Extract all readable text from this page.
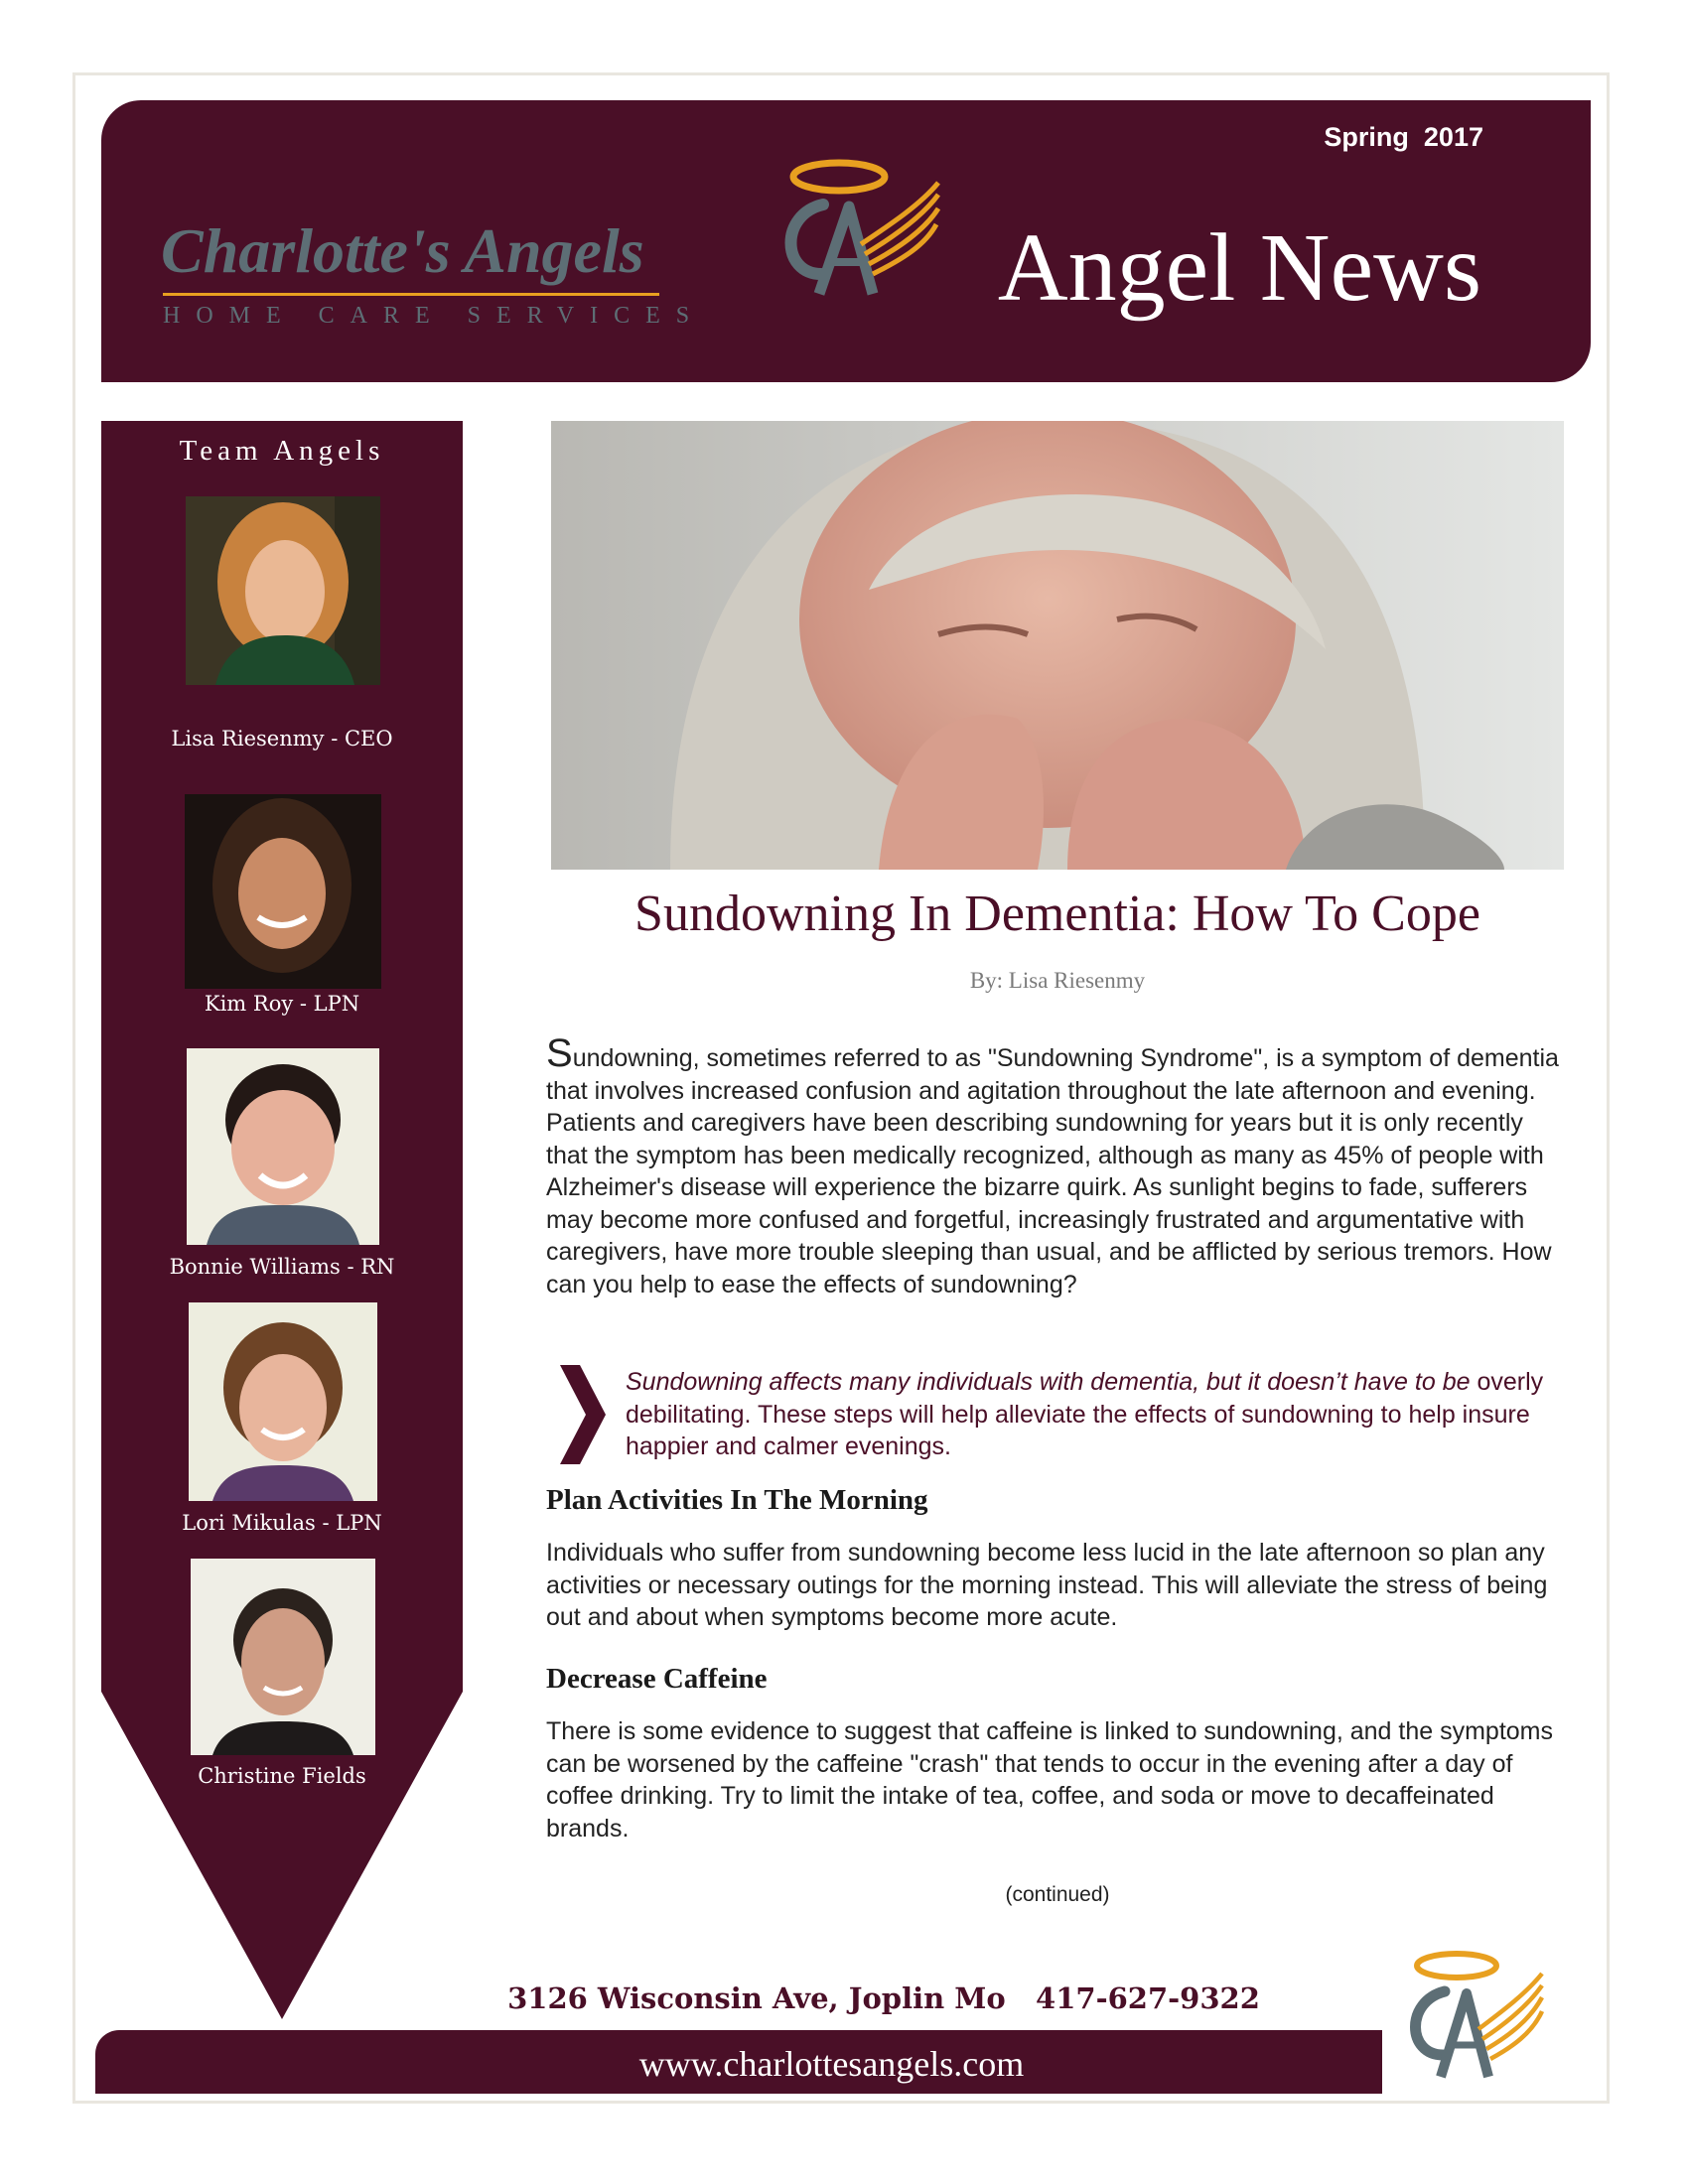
Spring  2017
Angel News
Charlotte's Angels
HOME CARE SERVICES
Team Angels
Lisa Riesenmy - CEO
Kim Roy - LPN
Bonnie Williams - RN
Lori Mikulas - LPN
Christine Fields
Sundowning In Dementia: How To Cope
By: Lisa Riesenmy

Sundowning, sometimes referred to as "Sundowning Syndrome", is a symptom of dementia that involves increased confusion and agitation throughout the late afternoon and evening. Patients and caregivers have been describing sundowning for years but it is only recently that the symptom has been medically recognized, although as many as 45% of people with Alzheimer's disease will experience the bizarre quirk. As sunlight begins to fade, sufferers may become more confused and forgetful, increasingly frustrated and argumentative with caregivers, have more trouble sleeping than usual, and be afflicted by serious tremors. How can you help to ease the effects of sundowning?

Sundowning affects many individuals with dementia, but it doesn’t have to be overly debilitating. These steps will help alleviate the effects of sundowning to help insure happier and calmer evenings.

Plan Activities In The Morning

Individuals who suffer from sundowning become less lucid in the late afternoon so plan any activities or necessary outings for the morning instead. This will alleviate the stress of being out and about when symptoms become more acute.

Decrease Caffeine

There is some evidence to suggest that caffeine is linked to sundowning, and the symptoms can be worsened by the caffeine "crash" that tends to occur in the evening after a day of coffee drinking. Try to limit the intake of tea, coffee, and soda or move to decaffeinated brands.

(continued)
3126 Wisconsin Ave, Joplin Mo   417-627-9322
www.charlottesangels.com
